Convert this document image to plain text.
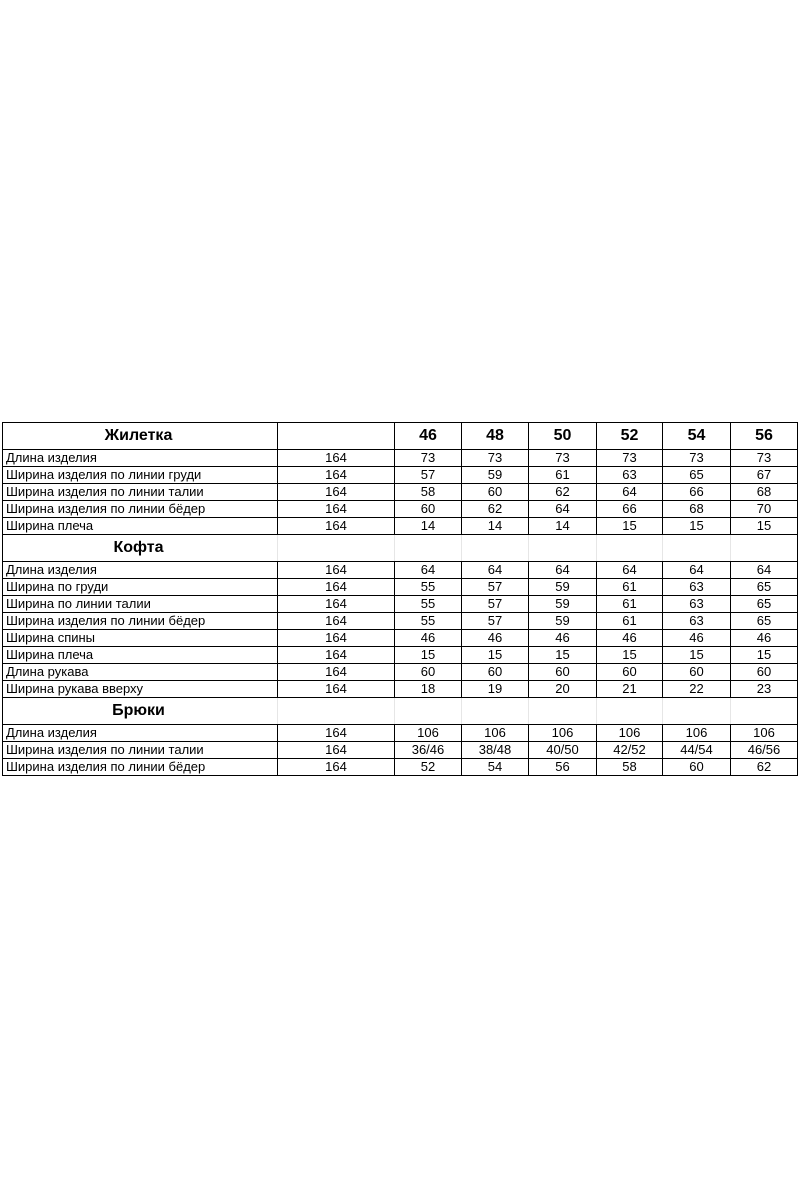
Жилетка		46	48	50	52	54	56
Длина изделия	164	73	73	73	73	73	73
Ширина изделия по линии груди	164	57	59	61	63	65	67
Ширина изделия по линии талии	164	58	60	62	64	66	68
Ширина изделия по линии бёдер	164	60	62	64	66	68	70
Ширина плеча	164	14	14	14	15	15	15
Кофта							
Длина изделия	164	64	64	64	64	64	64
Ширина по груди	164	55	57	59	61	63	65
Ширина по линии талии	164	55	57	59	61	63	65
Ширина изделия по линии бёдер	164	55	57	59	61	63	65
Ширина спины	164	46	46	46	46	46	46
Ширина плеча	164	15	15	15	15	15	15
Длина рукава	164	60	60	60	60	60	60
Ширина рукава вверху	164	18	19	20	21	22	23
Брюки							
Длина изделия	164	106	106	106	106	106	106
Ширина изделия по линии талии	164	36/46	38/48	40/50	42/52	44/54	46/56
Ширина изделия по линии бёдер	164	52	54	56	58	60	62
